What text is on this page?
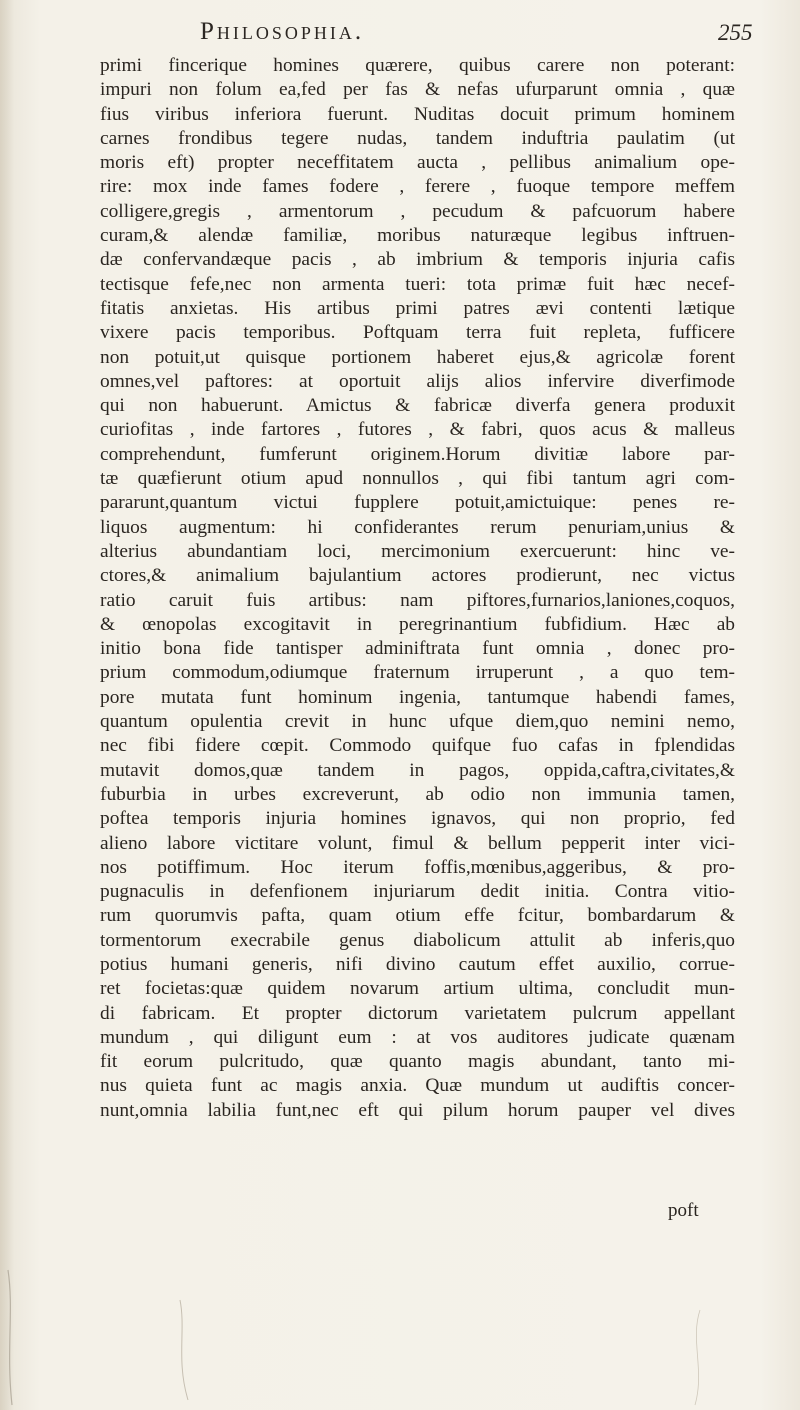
Philosophia.	255
primi fincerique homines quærere, quibus carere non poterant:
impuri non folum ea,fed per fas & nefas ufurparunt omnia , quæ
fius viribus inferiora fuerunt. Nuditas docuit primum hominem
carnes frondibus tegere nudas, tandem induftria paulatim (ut
moris eft) propter neceffitatem aucta , pellibus animalium ope-
rire: mox inde fames fodere , ferere , fuoque tempore meffem
colligere,gregis , armentorum , pecudum & pafcuorum habere
curam,& alendæ familiæ, moribus naturæque legibus inftruen-
dæ confervandæque pacis , ab imbrium & temporis injuria cafis
tectisque fefe,nec non armenta tueri: tota primæ fuit hæc necef-
fitatis anxietas. His artibus primi patres ævi contenti lætique
vixere pacis temporibus. Poftquam terra fuit repleta, fufficere
non potuit,ut quisque portionem haberet ejus,& agricolæ forent
omnes,vel paftores: at oportuit alijs alios infervire diverfimode
qui non habuerunt. Amictus & fabricæ diverfa genera produxit
curiofitas , inde fartores , futores , & fabri, quos acus & malleus
comprehendunt, fumferunt originem.Horum divitiæ labore par-
tæ quæfierunt otium apud nonnullos , qui fibi tantum agri com-
pararunt,quantum victui fupplere potuit,amictuique: penes re-
liquos augmentum: hi confiderantes rerum penuriam,unius &
alterius abundantiam loci, mercimonium exercuerunt: hinc ve-
ctores,& animalium bajulantium actores prodierunt, nec victus
ratio caruit fuis artibus: nam piftores,furnarios,laniones,coquos,
& œnopolas excogitavit in peregrinantium fubfidium. Hæc ab
initio bona fide tantisper adminiftrata funt omnia , donec pro-
prium commodum,odiumque fraternum irruperunt , a quo tem-
pore mutata funt hominum ingenia, tantumque habendi fames,
quantum opulentia crevit in hunc ufque diem,quo nemini nemo,
nec fibi fidere cœpit. Commodo quifque fuo cafas in fplendidas
mutavit domos,quæ tandem in pagos, oppida,caftra,civitates,&
fuburbia in urbes excreverunt, ab odio non immunia tamen,
poftea temporis injuria homines ignavos, qui non proprio, fed
alieno labore victitare volunt, fimul & bellum pepperit inter vici-
nos potiffimum. Hoc iterum foffis,mœnibus,aggeribus, & pro-
pugnaculis in defenfionem injuriarum dedit initia. Contra vitio-
rum quorumvis pafta, quam otium effe fcitur, bombardarum &
tormentorum execrabile genus diabolicum attulit ab inferis,quo
potius humani generis, nifi divino cautum effet auxilio, corrue-
ret focietas:quæ quidem novarum artium ultima, concludit mun-
di fabricam. Et propter dictorum varietatem pulcrum appellant
mundum , qui diligunt eum : at vos auditores judicate quænam
fit eorum pulcritudo, quæ quanto magis abundant, tanto mi-
nus quieta funt ac magis anxia. Quæ mundum ut audiftis concer-
nunt,omnia labilia funt,nec eft qui pilum horum pauper vel dives
poft
